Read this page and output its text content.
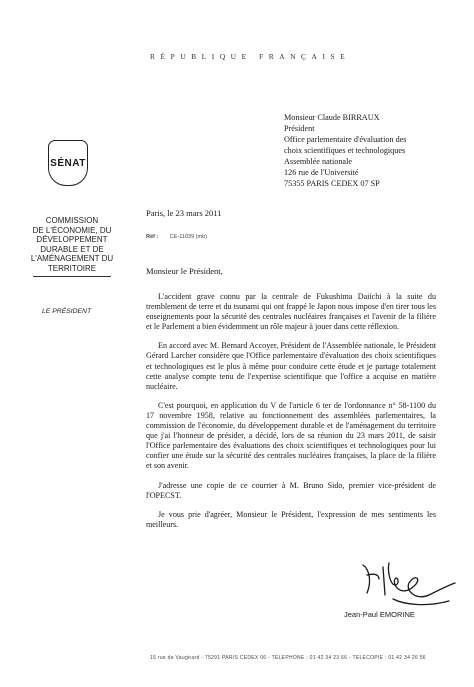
RÉPUBLIQUE FRANÇAISE
SÉNAT
Monsieur Claude BIRRAUX
Président
Office parlementaire d'évaluation des
choix scientifiques et technologiques
Assemblée nationale
126 rue de l'Université
75355 PARIS CEDEX 07 SP
COMMISSION
DE L'ÉCONOMIE, DU
DÉVELOPPEMENT
DURABLE ET DE
L'AMÉNAGEMENT DU
TERRITOIRE
LE PRÉSIDENT
Paris, le 23 mars 2011
Réf : CE-11039 (mb)
Monsieur le Président,

L'accident grave connu par la centrale de Fukushima Daiichi à la suite du tremblement de terre et du tsunami qui ont frappé le Japon nous impose d'en tirer tous les enseignements pour la sécurité des centrales nucléaires françaises et l'avenir de la filière et le Parlement a bien évidemment un rôle majeur à jouer dans cette réflexion.

En accord avec M. Bernard Accoyer, Président de l'Assemblée nationale, le Président Gérard Larcher considère que l'Office parlementaire d'évaluation des choix scientifiques et technologiques est le plus à même pour conduire cette étude et je partage totalement cette analyse compte tenu de l'expertise scientifique que l'office a acquise en matière nucléaire.

C'est pourquoi, en application du V de l'article 6 ter de l'ordonnance n° 58-1100 du 17 novembre 1958, relative au fonctionnement des assemblées parlementaires, la commission de l'économie, du développement durable et de l'aménagement du territoire que j'ai l'honneur de présider, a décidé, lors de sa réunion du 23 mars 2011, de saisir l'Office parlementaire des évaluations des choix scientifiques et technologiques pour lui confier une étude sur la sécurité des centrales nucléaires françaises, la place de la filière et son avenir.

J'adresse une copie de ce courrier à M. Bruno Sido, premier vice-président de l'OPECST.

Je vous prie d'agréer, Monsieur le Président, l'expression de mes sentiments les meilleurs.

Jean-Paul EMORINE
15 rue de Vaugirard - 75291 PARIS CEDEX 06 - TÉLÉPHONE : 01 42 34 23 66 - TÉLÉCOPIE : 01 42 34 26 56
